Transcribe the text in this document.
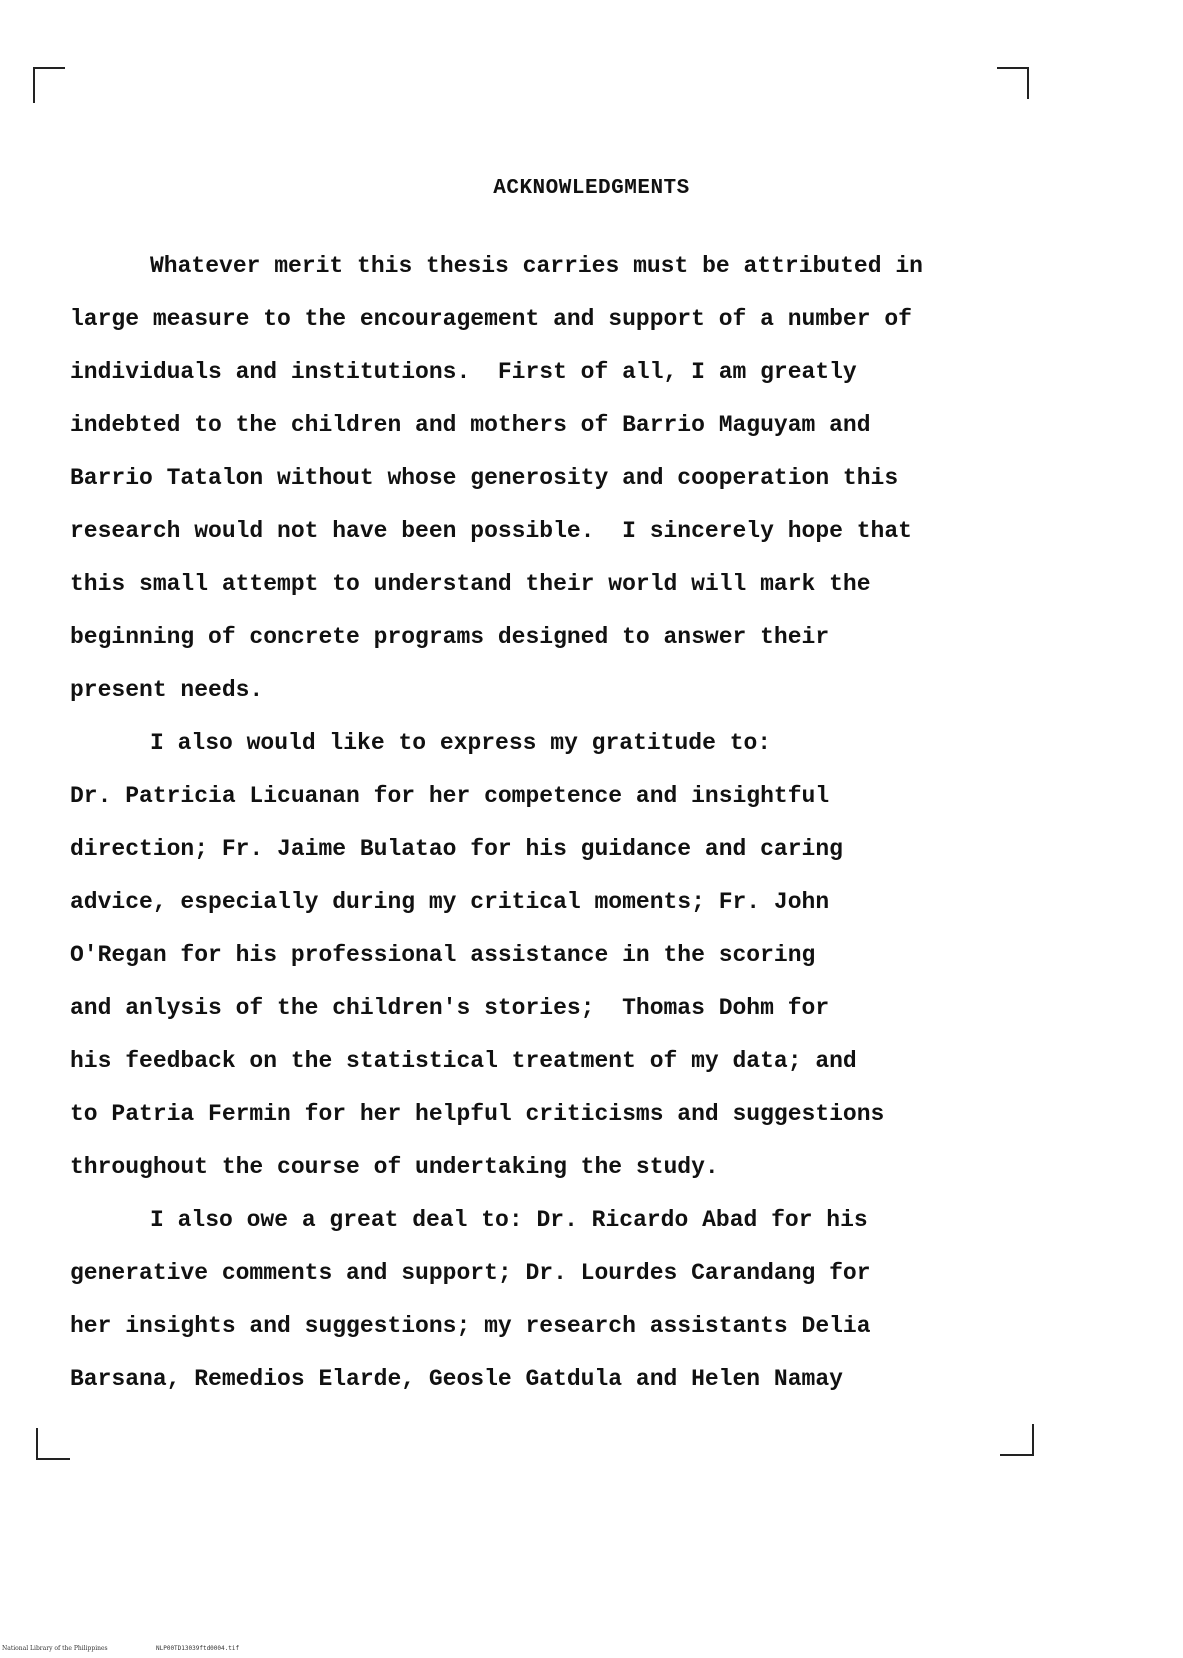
ACKNOWLEDGMENTS
Whatever merit this thesis carries must be attributed in
large measure to the encouragement and support of a number of
individuals and institutions.  First of all, I am greatly
indebted to the children and mothers of Barrio Maguyam and
Barrio Tatalon without whose generosity and cooperation this
research would not have been possible.  I sincerely hope that
this small attempt to understand their world will mark the
beginning of concrete programs designed to answer their
present needs.
I also would like to express my gratitude to:
Dr. Patricia Licuanan for her competence and insightful
direction; Fr. Jaime Bulatao for his guidance and caring
advice, especially during my critical moments; Fr. John
O'Regan for his professional assistance in the scoring
and anlysis of the children's stories;  Thomas Dohm for
his feedback on the statistical treatment of my data; and
to Patria Fermin for her helpful criticisms and suggestions
throughout the course of undertaking the study.
I also owe a great deal to: Dr. Ricardo Abad for his
generative comments and support; Dr. Lourdes Carandang for
her insights and suggestions; my research assistants Delia
Barsana, Remedios Elarde, Geosle Gatdula and Helen Namay

National Library of the Philippines	NLP00TD13039ftd0004.tif
